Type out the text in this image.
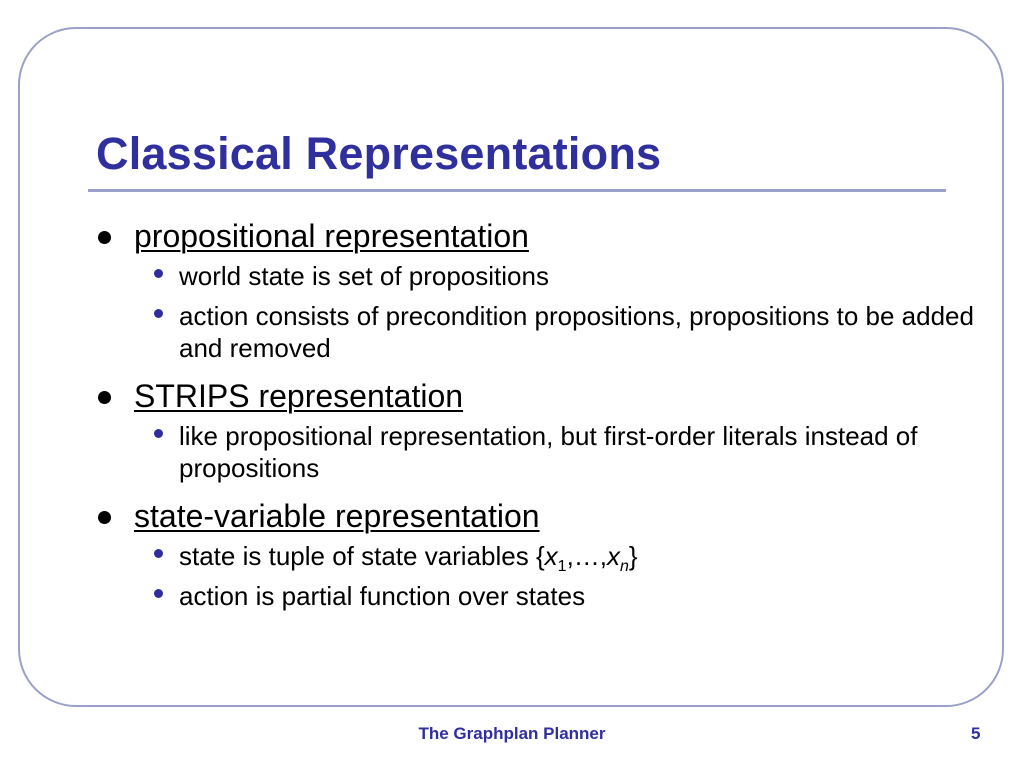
Classical Representations
propositional representation
world state is set of propositions
action consists of precondition propositions, propositions to be added and removed
STRIPS representation
like propositional representation, but first-order literals instead of propositions
state-variable representation
state is tuple of state variables $\{x_1,\dots,x_n\}$
action is partial function over states
The Graphplan Planner	5
